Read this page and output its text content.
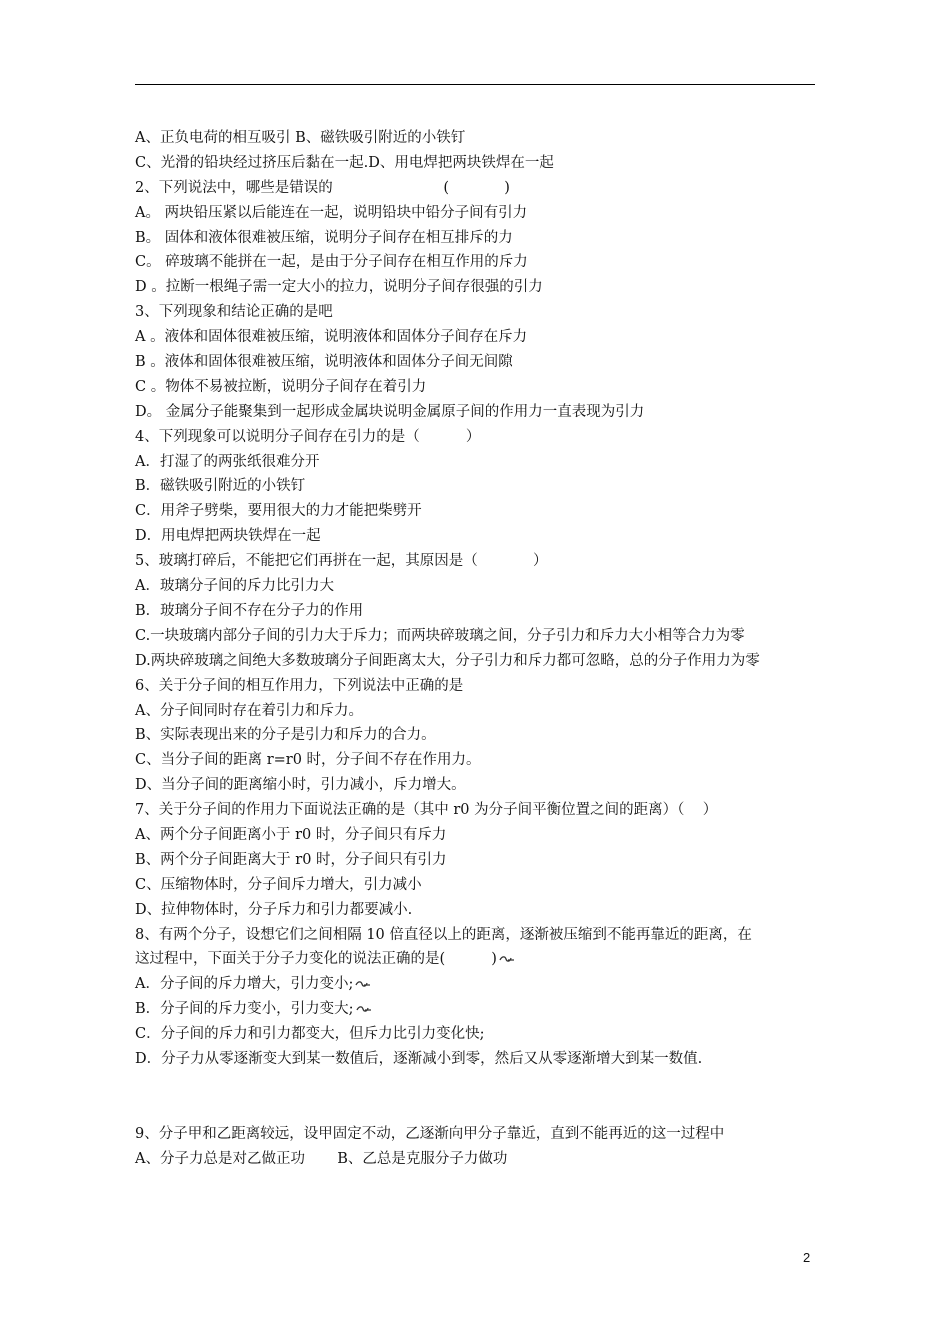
A、正负电荷的相互吸引 B、磁铁吸引附近的小铁钉
C、光滑的铅块经过挤压后黏在一起.D、用电焊把两块铁焊在一起
2、下列说法中，哪些是错误的                        (            )
A。 两块铅压紧以后能连在一起，说明铅块中铅分子间有引力
B。 固体和液体很难被压缩，说明分子间存在相互排斥的力
C。 碎玻璃不能拼在一起，是由于分子间存在相互作用的斥力
D 。拉断一根绳子需一定大小的拉力，说明分子间存很强的引力
3、下列现象和结论正确的是吧
A 。液体和固体很难被压缩，说明液体和固体分子间存在斥力
B 。液体和固体很难被压缩，说明液体和固体分子间无间隙
C 。物体不易被拉断，说明分子间存在着引力
D。 金属分子能聚集到一起形成金属块说明金属原子间的作用力一直表现为引力
4、下列现象可以说明分子间存在引力的是（          ）
A．打湿了的两张纸很难分开
B．磁铁吸引附近的小铁钉
C．用斧子劈柴，要用很大的力才能把柴劈开
D．用电焊把两块铁焊在一起
5、玻璃打碎后，不能把它们再拼在一起，其原因是（            ）
A．玻璃分子间的斥力比引力大
B．玻璃分子间不存在分子力的作用
C.一块玻璃内部分子间的引力大于斥力；而两块碎玻璃之间，分子引力和斥力大小相等合力为零
D.两块碎玻璃之间绝大多数玻璃分子间距离太大，分子引力和斥力都可忽略，总的分子作用力为零
6、关于分子间的相互作用力，下列说法中正确的是
A、分子间同时存在着引力和斥力。
B、实际表现出来的分子是引力和斥力的合力。
C、当分子间的距离 r=r0 时，分子间不存在作用力。
D、当分子间的距离缩小时，引力减小，斥力增大。
7、关于分子间的作用力下面说法正确的是（其中 r0 为分子间平衡位置之间的距离）（    ）
A、两个分子间距离小于 r0 时，分子间只有斥力
B、两个分子间距离大于 r0 时，分子间只有引力
C、压缩物体时，分子间斥力增大，引力减小
D、拉伸物体时，分子斥力和引力都要减小.
8、有两个分子，设想它们之间相隔 10 倍直径以上的距离，逐渐被压缩到不能再靠近的距离，在
这过程中，下面关于分子力变化的说法正确的是(          )
A．分子间的斥力增大，引力变小;
B．分子间的斥力变小，引力变大;
C．分子间的斥力和引力都变大，但斥力比引力变化快;
D．分子力从零逐渐变大到某一数值后，逐渐减小到零，然后又从零逐渐增大到某一数值.
9、分子甲和乙距离较远，设甲固定不动，乙逐渐向甲分子靠近，直到不能再近的这一过程中
A、分子力总是对乙做正功       B、乙总是克服分子力做功
2
